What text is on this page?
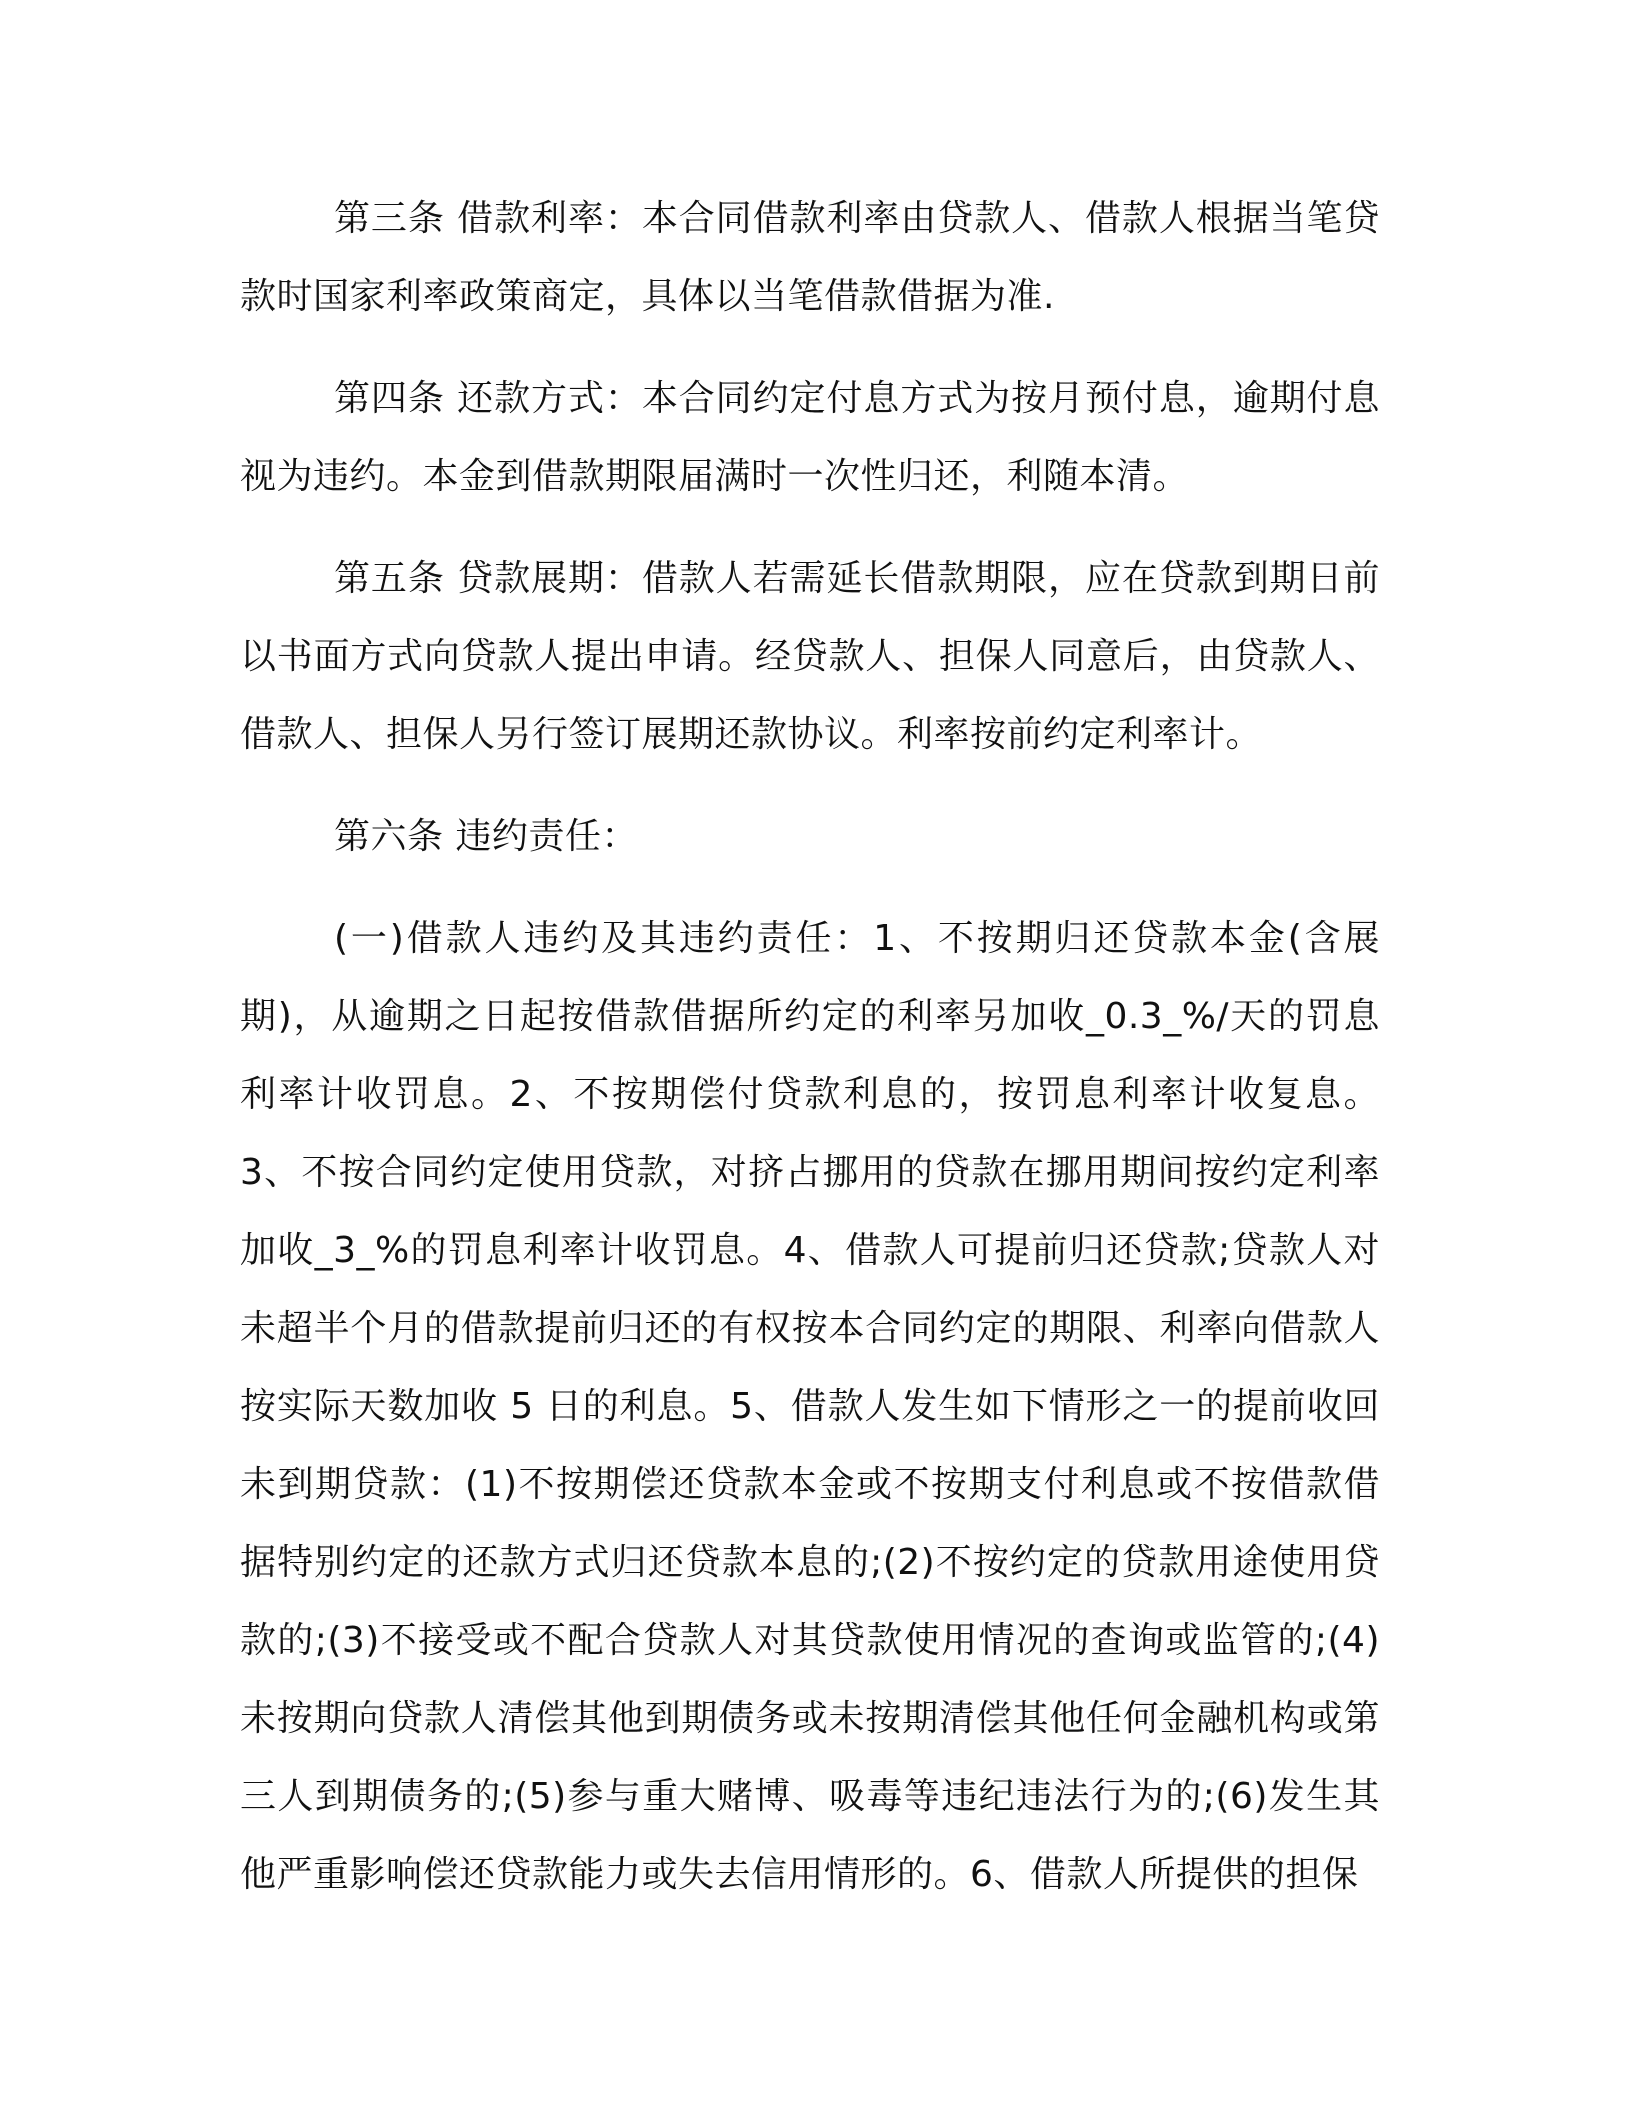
第三条 借款利率：本合同借款利率由贷款人、借款人根据当笔贷款时国家利率政策商定，具体以当笔借款借据为准.

第四条 还款方式：本合同约定付息方式为按月预付息，逾期付息视为违约。本金到借款期限届满时一次性归还，利随本清。

第五条 贷款展期：借款人若需延长借款期限，应在贷款到期日前以书面方式向贷款人提出申请。经贷款人、担保人同意后，由贷款人、借款人、担保人另行签订展期还款协议。利率按前约定利率计。

第六条 违约责任：

(一)借款人违约及其违约责任：1、不按期归还贷款本金(含展期)，从逾期之日起按借款借据所约定的利率另加收_0.3_%/天的罚息利率计收罚息。2、不按期偿付贷款利息的，按罚息利率计收复息。3、不按合同约定使用贷款，对挤占挪用的贷款在挪用期间按约定利率加收_3_%的罚息利率计收罚息。4、借款人可提前归还贷款;贷款人对未超半个月的借款提前归还的有权按本合同约定的期限、利率向借款人按实际天数加收 5 日的利息。5、借款人发生如下情形之一的提前收回未到期贷款：(1)不按期偿还贷款本金或不按期支付利息或不按借款借据特别约定的还款方式归还贷款本息的;(2)不按约定的贷款用途使用贷款的;(3)不接受或不配合贷款人对其贷款使用情况的查询或监管的;(4)未按期向贷款人清偿其他到期债务或未按期清偿其他任何金融机构或第三人到期债务的;(5)参与重大赌博、吸毒等违纪违法行为的;(6)发生其他严重影响偿还贷款能力或失去信用情形的。6、借款人所提供的担保
